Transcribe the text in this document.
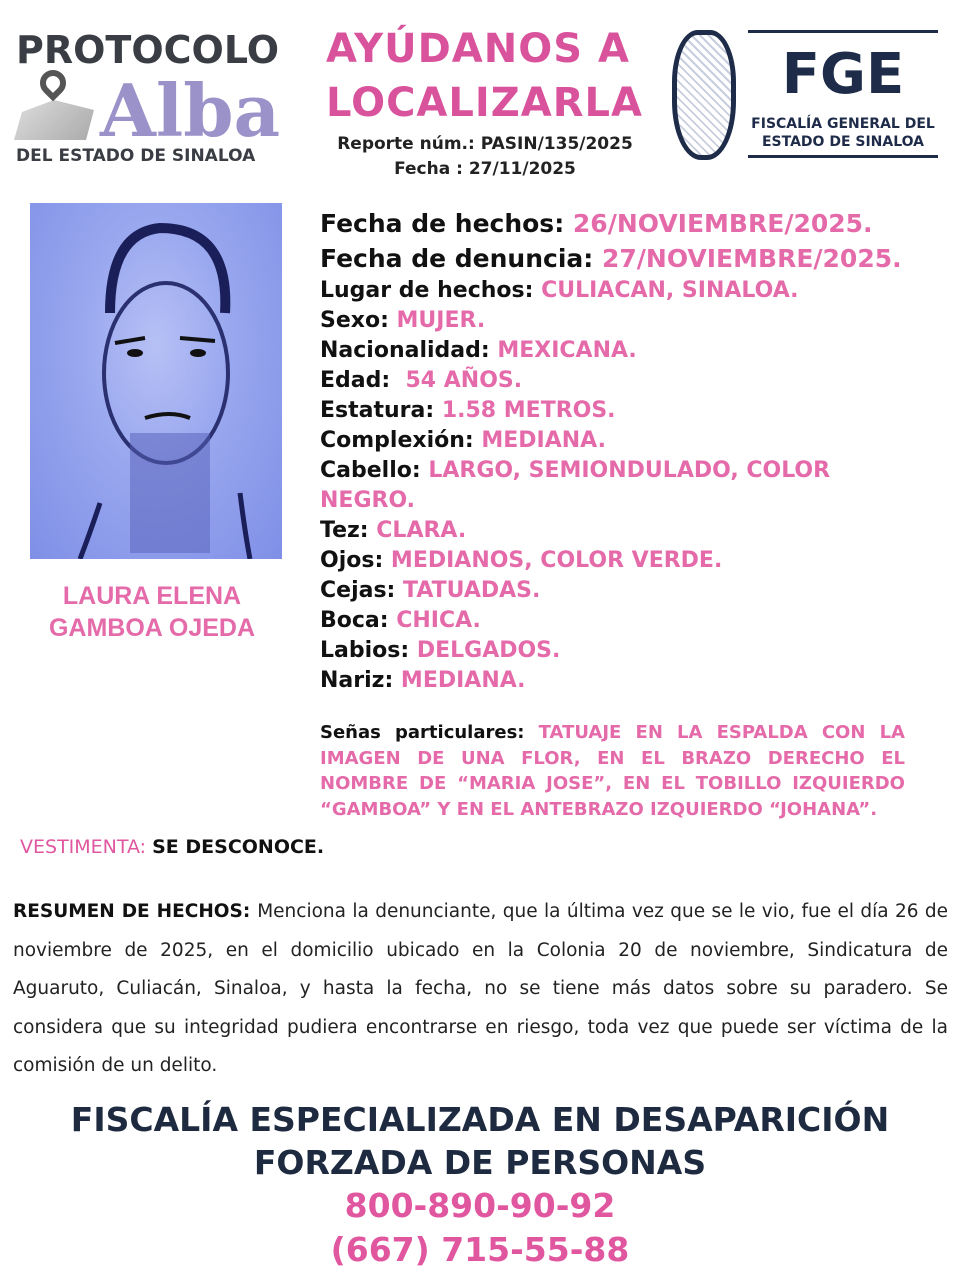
PROTOCOLO
Alba
DEL ESTADO DE SINALOA
AYÚDANOS A
LOCALIZARLA
Reporte núm.: PASIN/135/2025
Fecha : 27/11/2025
FGE
FISCALÍA GENERAL DEL
ESTADO DE SINALOA
LAURA ELENA
GAMBOA OJEDA
Fecha de hechos: 26/NOVIEMBRE/2025.
Fecha de denuncia: 27/NOVIEMBRE/2025.
Lugar de hechos: CULIACAN, SINALOA.
Sexo: MUJER.
Nacionalidad: MEXICANA.
Edad:  54 AÑOS.
Estatura: 1.58 METROS.
Complexión: MEDIANA.
Cabello: LARGO, SEMIONDULADO, COLOR
NEGRO.
Tez: CLARA.
Ojos: MEDIANOS, COLOR VERDE.
Cejas: TATUADAS.
Boca: CHICA.
Labios: DELGADOS.
Nariz: MEDIANA.
Señas particulares: TATUAJE EN LA ESPALDA CON LA IMAGEN DE UNA FLOR, EN EL BRAZO DERECHO EL NOMBRE DE “MARIA JOSE”, EN EL TOBILLO IZQUIERDO “GAMBOA” Y EN EL ANTEBRAZO IZQUIERDO “JOHANA”.
VESTIMENTA: SE DESCONOCE.
RESUMEN DE HECHOS: Menciona la denunciante, que la última vez que se le vio, fue el día 26 de noviembre de 2025, en el domicilio ubicado en la Colonia 20 de noviembre, Sindicatura de Aguaruto, Culiacán, Sinaloa, y hasta la fecha, no se tiene más datos sobre su paradero. Se considera que su integridad pudiera encontrarse en riesgo, toda vez que puede ser víctima de la comisión de un delito.
FISCALÍA ESPECIALIZADA EN DESAPARICIÓN
FORZADA DE PERSONAS
800-890-90-92
(667) 715-55-88
